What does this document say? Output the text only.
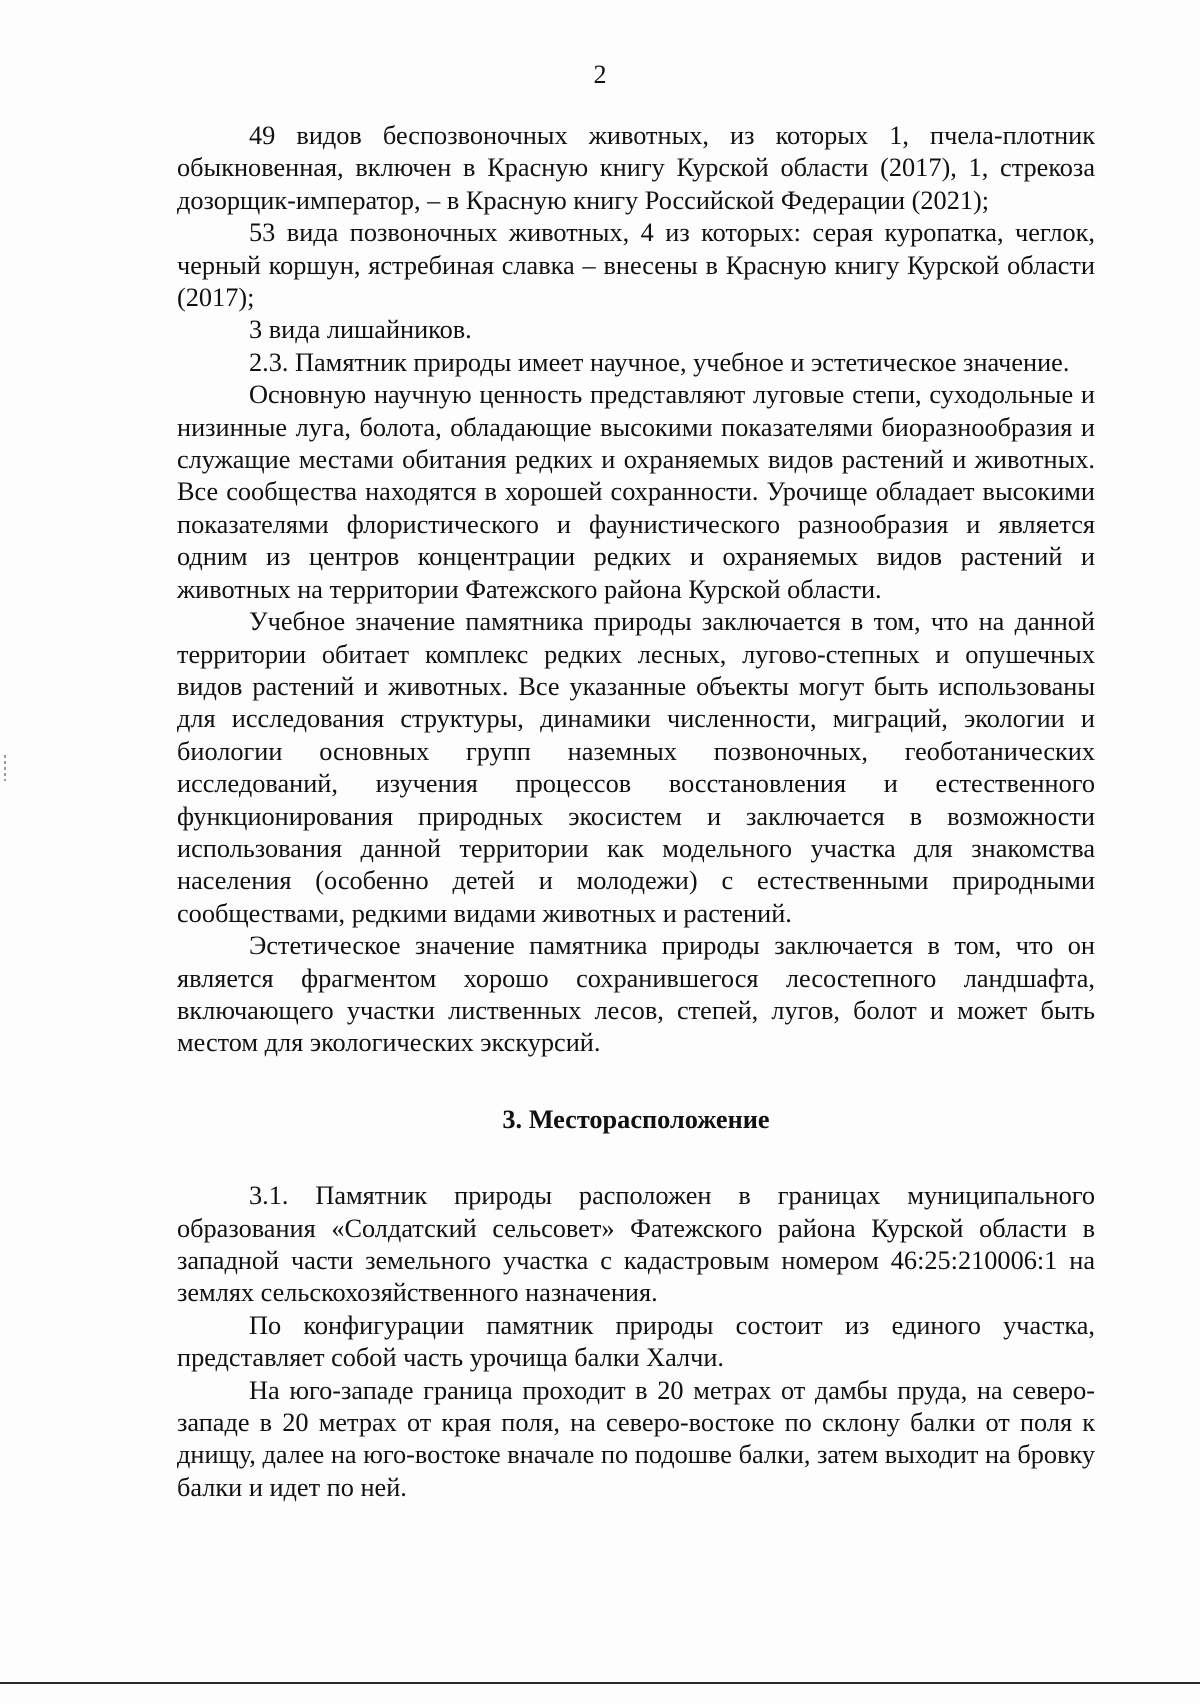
2

49 видов беспозвоночных животных, из которых 1, пчела-плотник обыкновенная, включен в Красную книгу Курской области (2017), 1, стрекоза дозорщик-император, – в Красную книгу Российской Федерации (2021);

53 вида позвоночных животных, 4 из которых: серая куропатка, чеглок, черный коршун, ястребиная славка – внесены в Красную книгу Курской области (2017);

3 вида лишайников.

2.3. Памятник природы имеет научное, учебное и эстетическое значение.

Основную научную ценность представляют луговые степи, суходольные и низинные луга, болота, обладающие высокими показателями биоразнообразия и служащие местами обитания редких и охраняемых видов растений и животных. Все сообщества находятся в хорошей сохранности. Урочище обладает высокими показателями флористического и фаунистического разнообразия и является одним из центров концентрации редких и охраняемых видов растений и животных на территории Фатежского района Курской области.

Учебное значение памятника природы заключается в том, что на данной территории обитает комплекс редких лесных, лугово-степных и опушечных видов растений и животных. Все указанные объекты могут быть использованы для исследования структуры, динамики численности, миграций, экологии и биологии основных групп наземных позвоночных, геоботанических исследований, изучения процессов восстановления и естественного функционирования природных экосистем и заключается в возможности использования данной территории как модельного участка для знакомства населения (особенно детей и молодежи) с естественными природными сообществами, редкими видами животных и растений.

Эстетическое значение памятника природы заключается в том, что он является фрагментом хорошо сохранившегося лесостепного ландшафта, включающего участки лиственных лесов, степей, лугов, болот и может быть местом для экологических экскурсий.

3. Месторасположение

3.1. Памятник природы расположен в границах муниципального образования «Солдатский сельсовет» Фатежского района Курской области в западной части земельного участка с кадастровым номером 46:25:210006:1 на землях сельскохозяйственного назначения.

По конфигурации памятник природы состоит из единого участка, представляет собой часть урочища балки Халчи.

На юго-западе граница проходит в 20 метрах от дамбы пруда, на северо-западе в 20 метрах от края поля, на северо-востоке по склону балки от поля к днищу, далее на юго-востоке вначале по подошве балки, затем выходит на бровку балки и идет по ней.
